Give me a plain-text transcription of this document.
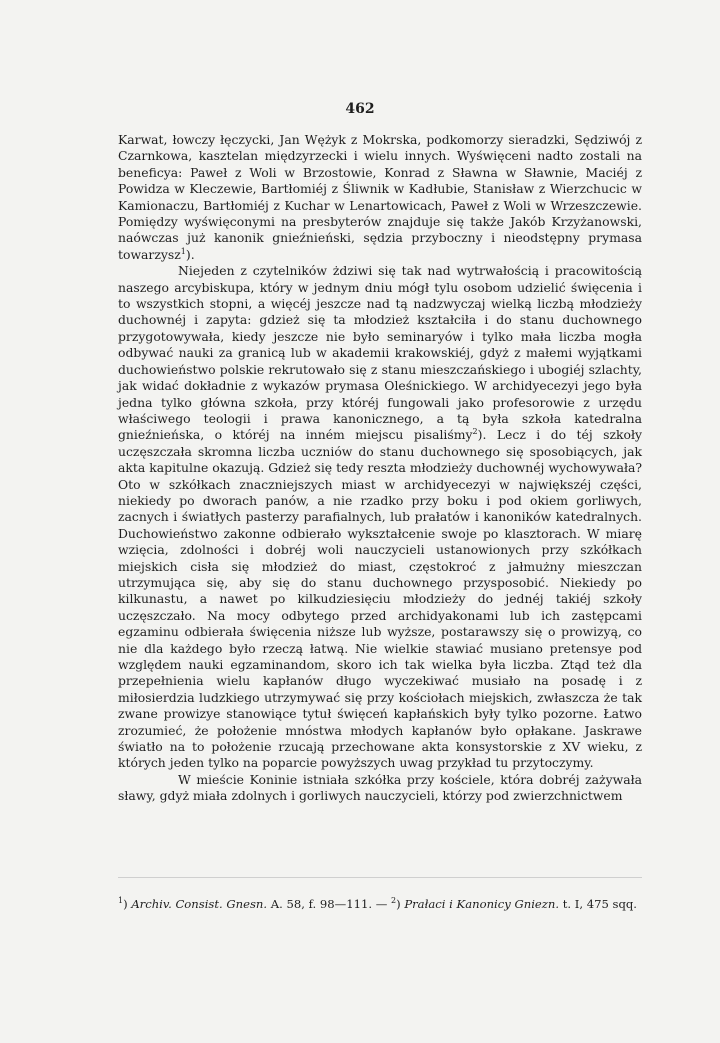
462

Karwat, łowczy łęczycki, Jan Wężyk z Mokrska, podkomorzy sieradzki, Sędziwój z Czarnkowa, kasztelan międzyrzecki i wielu innych. Wyświęceni nadto zostali na beneficya: Paweł z Woli w Brzostowie, Konrad z Sławna w Sławnie, Maciéj z Powidza w Kleczewie, Bartłomiéj z Śliwnik w Kadłubie, Stanisław z Wierzchucic w Kamionaczu, Bartłomiéj z Kuchar w Lenartowicach, Paweł z Woli w Wrzeszczewie. Pomiędzy wyświęconymi na presbyterów znajduje się także Jakób Krzyżanowski, naówczas już kanonik gnieźnieński, sędzia przyboczny i nieodstępny prymasa towarzysz$^1$).

Niejeden z czytelników żdziwi się tak nad wytrwałością i pracowitością naszego arcybiskupa, który w jednym dniu mógł tylu osobom udzielić święcenia i to wszystkich stopni, a więcéj jeszcze nad tą nadzwyczaj wielką liczbą młodzieży duchownéj i zapyta: gdzież się ta młodzież kształciła i do stanu duchownego przygotowywała, kiedy jeszcze nie było seminaryów i tylko mała liczba mogła odbywać nauki za granicą lub w akademii krakowskiéj, gdyż z małemi wyjątkami duchowieństwo polskie rekrutowało się z stanu mieszczańskiego i ubogiéj szlachty, jak widać dokładnie z wykazów prymasa Oleśnickiego. W archidyecezyi jego była jedna tylko główna szkoła, przy któréj fungowali jako profesorowie z urzędu właściwego teologii i prawa kanonicznego, a tą była szkoła katedralna gnieźnieńska, o któréj na inném miejscu pisaliśmy$^2$). Lecz i do téj szkoły uczęszczała skromna liczba uczniów do stanu duchownego się sposobiących, jak akta kapitulne okazują. Gdzież się tedy reszta młodzieży duchownéj wychowywała? Oto w szkółkach znaczniejszych miast w archidyecezyi w największéj części, niekiedy po dworach panów, a nie rzadko przy boku i pod okiem gorliwych, zacnych i światłych pasterzy parafialnych, lub prałatów i kanoników katedralnych. Duchowieństwo zakonne odbierało wykształcenie swoje po klasztorach. W miarę wzięcia, zdolności i dobréj woli nauczycieli ustanowionych przy szkółkach miejskich cisła się młodzież do miast, częstokroć z jałmużny mieszczan utrzymująca się, aby się do stanu duchownego przysposobić. Niekiedy po kilkunastu, a nawet po kilkudziesięciu młodzieży do jednéj takiéj szkoły uczęszczało. Na mocy odbytego przed archidyakonami lub ich zastępcami egzaminu odbierała święcenia niższe lub wyższe, postarawszy się o prowizyą, co nie dla każdego było rzeczą łatwą. Nie wielkie stawiać musiano pretensye pod względem nauki egzaminandom, skoro ich tak wielka była liczba. Ztąd też dla przepełnienia wielu kapłanów długo wyczekiwać musiało na posadę i z miłosierdzia ludzkiego utrzymywać się przy kościołach miejskich, zwłaszcza że tak zwane prowizye stanowiące tytuł święceń kapłańskich były tylko pozorne. Łatwo zrozumieć, że położenie mnóstwa młodych kapłanów było opłakane. Jaskrawe światło na to położenie rzucają przechowane akta konsystorskie z XV wieku, z których jeden tylko na poparcie powyższych uwag przykład tu przytoczymy.

W mieście Koninie istniała szkółka przy kościele, która dobréj zażywała sławy, gdyż miała zdolnych i gorliwych nauczycieli, którzy pod zwierzchnictwem

$^1$) Archiv. Consist. Gnesn. A. 58, f. 98—111. — $^2$) Prałaci i Kanonicy Gniezn. t. I, 475 sqq.
